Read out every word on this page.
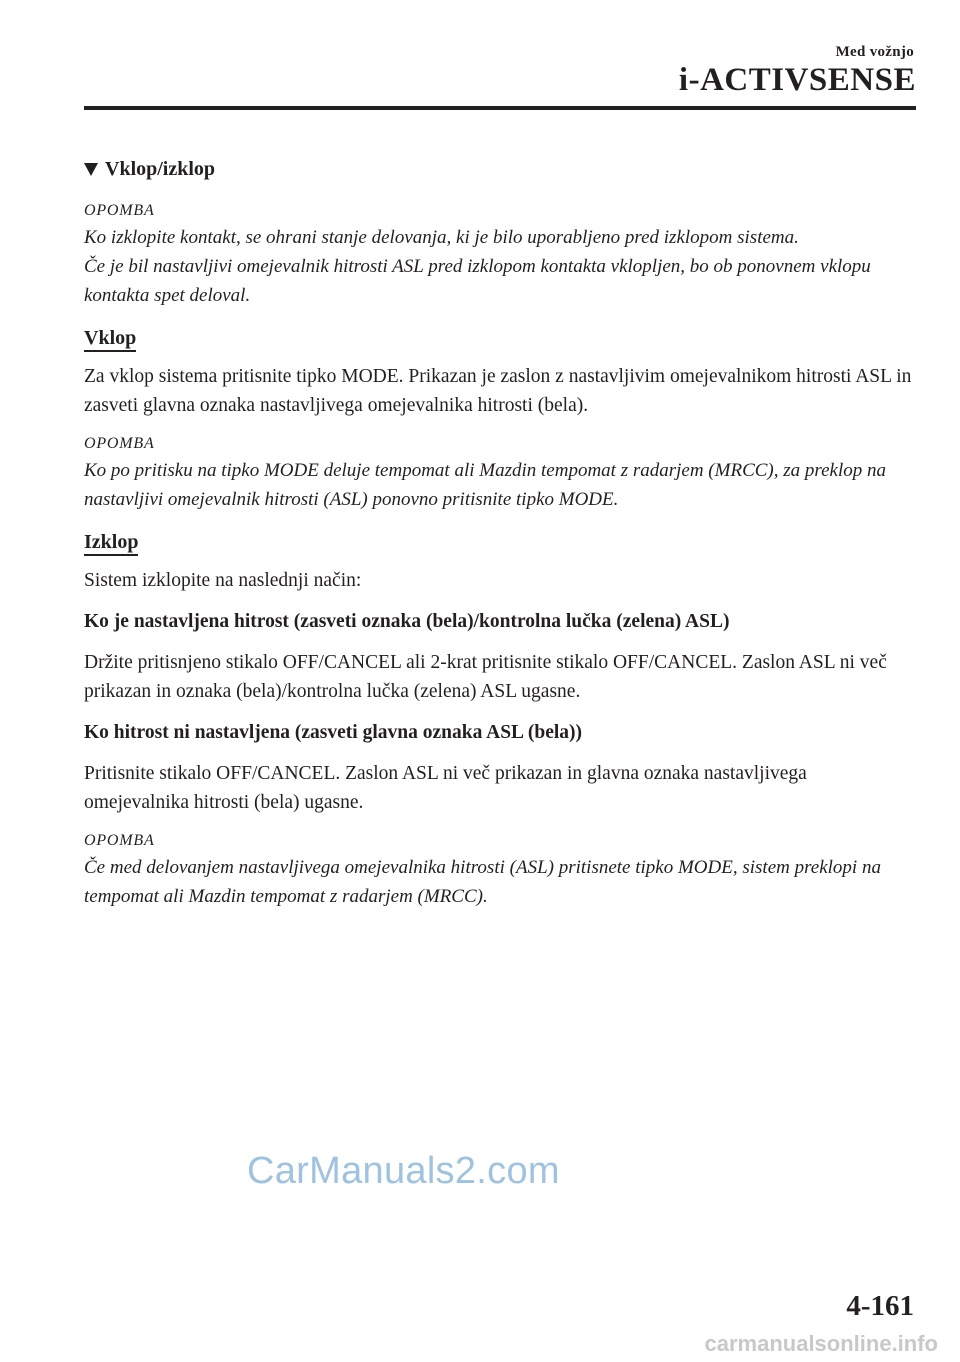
Med vožnjo
i-ACTIVSENSE
Vklop/izklop
OPOMBA

Ko izklopite kontakt, se ohrani stanje delovanja, ki je bilo uporabljeno pred izklopom sistema.

Če je bil nastavljivi omejevalnik hitrosti ASL pred izklopom kontakta vklopljen, bo ob ponovnem vklopu kontakta spet deloval.

Vklop

Za vklop sistema pritisnite tipko MODE. Prikazan je zaslon z nastavljivim omejevalnikom hitrosti ASL in zasveti glavna oznaka nastavljivega omejevalnika hitrosti (bela).

OPOMBA

Ko po pritisku na tipko MODE deluje tempomat ali Mazdin tempomat z radarjem (MRCC), za preklop na nastavljivi omejevalnik hitrosti (ASL) ponovno pritisnite tipko MODE.

Izklop

Sistem izklopite na naslednji način:

Ko je nastavljena hitrost (zasveti oznaka (bela)/kontrolna lučka (zelena) ASL)

Držite pritisnjeno stikalo OFF/CANCEL ali 2-krat pritisnite stikalo OFF/CANCEL. Zaslon ASL ni več prikazan in oznaka (bela)/kontrolna lučka (zelena) ASL ugasne.

Ko hitrost ni nastavljena (zasveti glavna oznaka ASL (bela))

Pritisnite stikalo OFF/CANCEL. Zaslon ASL ni več prikazan in glavna oznaka nastavljivega omejevalnika hitrosti (bela) ugasne.

OPOMBA

Če med delovanjem nastavljivega omejevalnika hitrosti (ASL) pritisnete tipko MODE, sistem preklopi na tempomat ali Mazdin tempomat z radarjem (MRCC).

CarManuals2.com
4-161
carmanualsonline.info
